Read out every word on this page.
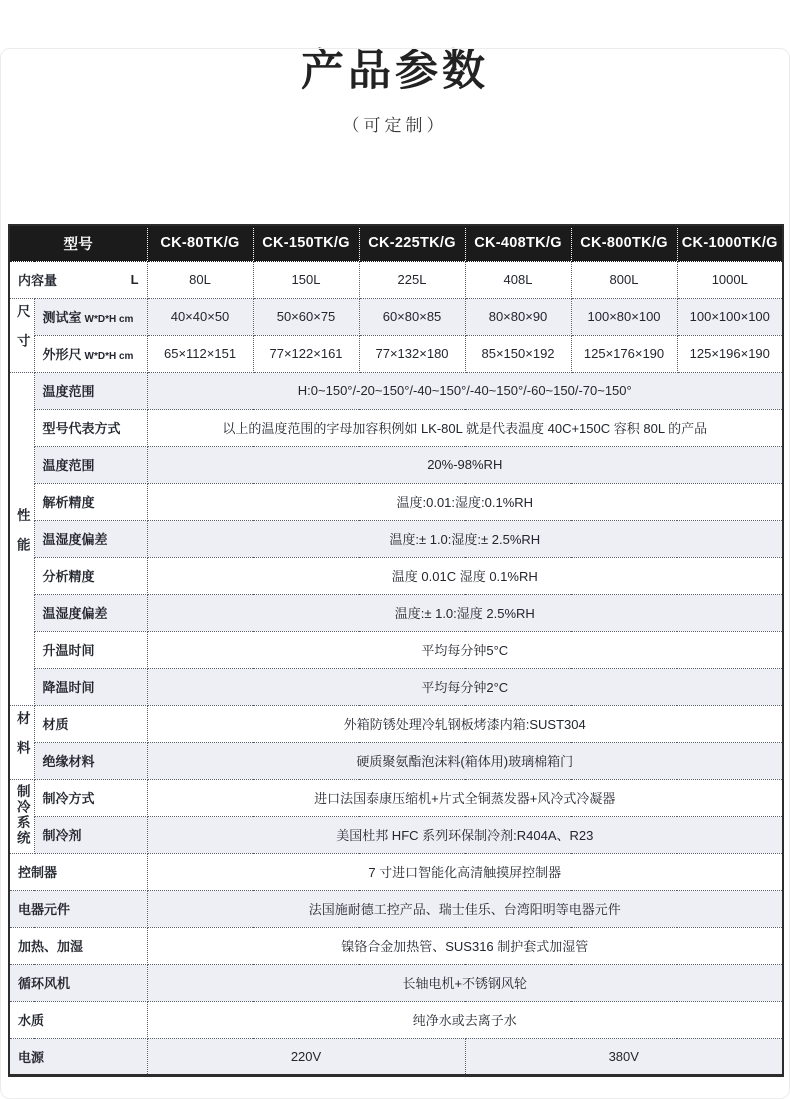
产品参数
（可定制）
型号		CK-80TK/G	CK-150TK/G	CK-225TK/G	CK-408TK/G	CK-800TK/G	CK-1000TK/G

内容量 L		80L	150L	225L	408L	800L	1000L
尺寸	测试室 W*D*H cm	40×40×50	50×60×75	60×80×85	80×80×90	100×80×100	100×100×100
	外形尺 W*D*H cm	65×112×151	77×122×161	77×132×180	85×150×192	125×176×190	125×196×190
性能	温度范围	H:0~150°/-20~150°/-40~150°/-40~150°/-60~150/-70~150°					
	型号代表方式	以上的温度范围的字母加容积例如 LK-80L 就是代表温度 40C+150C 容积 80L 的产品					
	温度范围	20%-98%RH					
	解析精度	温度:0.01:湿度:0.1%RH					
	温湿度偏差	温度:± 1.0:湿度:± 2.5%RH					
	分析精度	温度 0.01C 湿度 0.1%RH					
	温湿度偏差	温度:± 1.0:湿度 2.5%RH					
	升温时间	平均每分钟5°C					
	降温时间	平均每分钟2°C					
材料	材质	外箱防锈处理冷轧钢板烤漆内箱:SUST304					
	绝缘材料	硬质聚氨酯泡沫料(箱体用)玻璃棉箱门					
制冷系统	制冷方式	进口法国泰康压缩机+片式全铜蒸发器+风冷式冷凝器					
	制冷剂	美国杜邦 HFC 系列环保制冷剂:R404A、R23					
控制器		7 寸进口智能化高清触摸屏控制器					
电器元件		法国施耐德工控产品、瑞士佳乐、台湾阳明等电器元件					
加热、加湿		镍铬合金加热管、SUS316 制护套式加湿管					
循环风机		长轴电机+不锈钢风轮					
水质		纯净水或去离子水					
电源		220V			380V		
